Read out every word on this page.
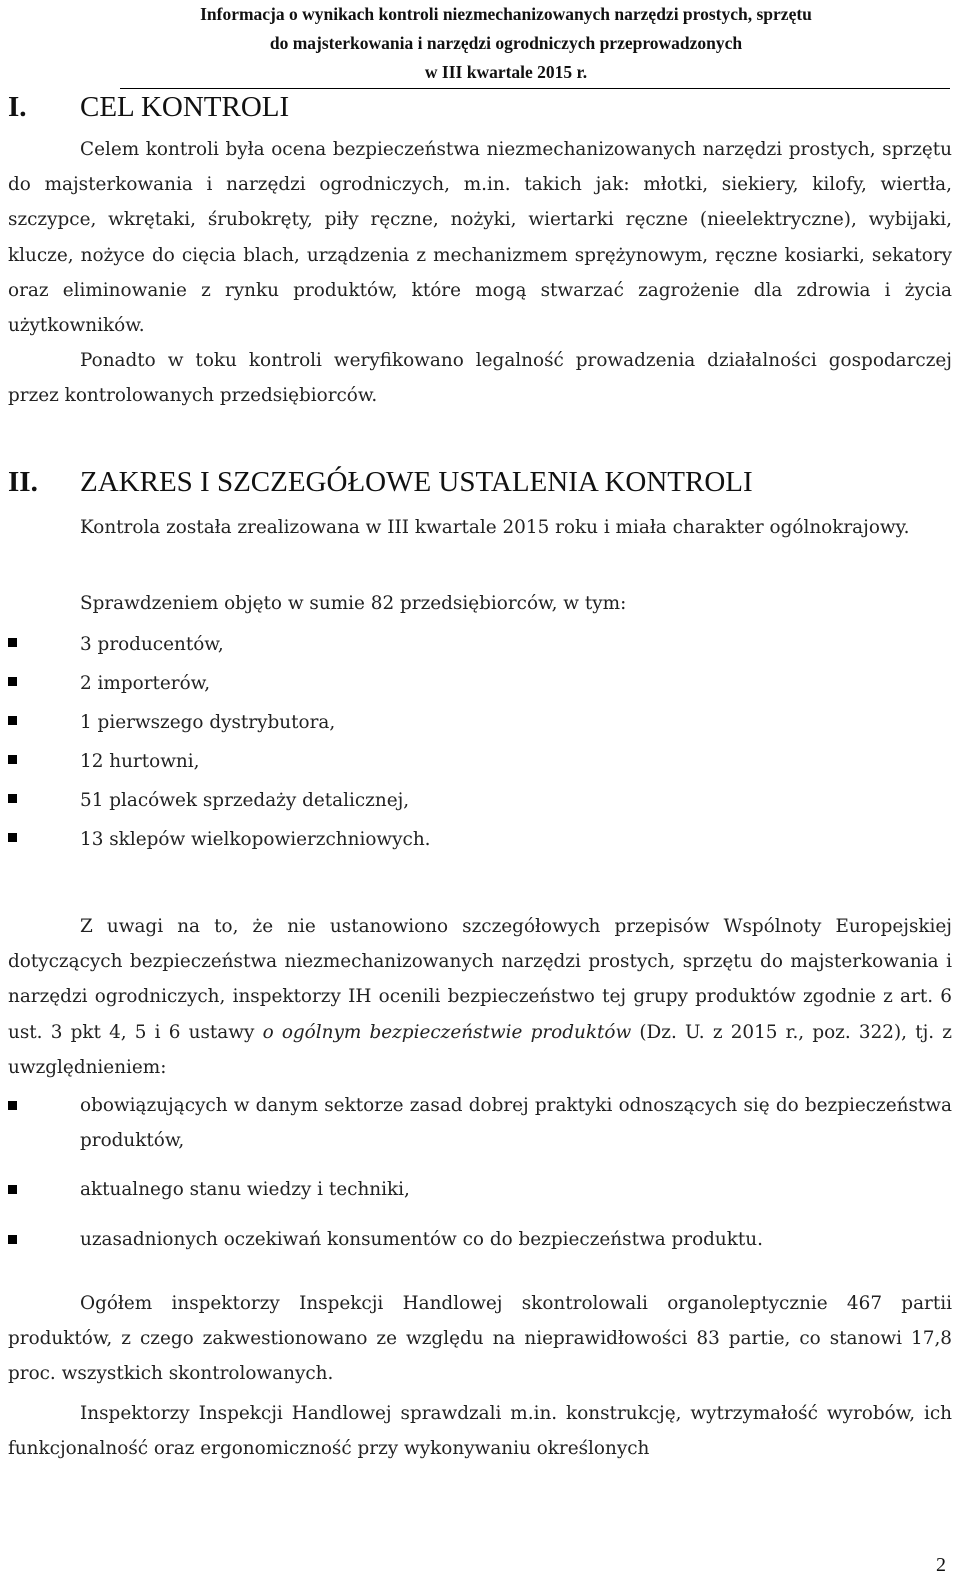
Informacja o wynikach kontroli niezmechanizowanych narzędzi prostych, sprzętu
do majsterkowania i narzędzi ogrodniczych przeprowadzonych
w III kwartale 2015 r.
I. CEL KONTROLI

Celem kontroli była ocena bezpieczeństwa niezmechanizowanych narzędzi prostych, sprzętu do majsterkowania i narzędzi ogrodniczych, m.in. takich jak: młotki, siekiery, kilofy, wiertła, szczypce, wkrętaki, śrubokręty, piły ręczne, nożyki, wiertarki ręczne (nieelektryczne), wybijaki, klucze, nożyce do cięcia blach, urządzenia z mechanizmem sprężynowym, ręczne kosiarki, sekatory oraz eliminowanie z rynku produktów, które mogą stwarzać zagrożenie dla zdrowia i życia użytkowników.

Ponadto w toku kontroli weryfikowano legalność prowadzenia działalności gospodarczej przez kontrolowanych przedsiębiorców.

II. ZAKRES I SZCZEGÓŁOWE USTALENIA KONTROLI

Kontrola została zrealizowana w III kwartale 2015 roku i miała charakter ogólnokrajowy.

Sprawdzeniem objęto w sumie 82 przedsiębiorców, w tym:

3 producentów,
2 importerów,
1 pierwszego dystrybutora,
12 hurtowni,
51 placówek sprzedaży detalicznej,
13 sklepów wielkopowierzchniowych.

Z uwagi na to, że nie ustanowiono szczegółowych przepisów Wspólnoty Europejskiej dotyczących bezpieczeństwa niezmechanizowanych narzędzi prostych, sprzętu do majsterkowania i narzędzi ogrodniczych, inspektorzy IH ocenili bezpieczeństwo tej grupy produktów zgodnie z art. 6 ust. 3 pkt 4, 5 i 6 ustawy o ogólnym bezpieczeństwie produktów (Dz. U. z 2015 r., poz. 322), tj. z uwzględnieniem:

obowiązujących w danym sektorze zasad dobrej praktyki odnoszących się do bezpieczeństwa produktów,
aktualnego stanu wiedzy i techniki,
uzasadnionych oczekiwań konsumentów co do bezpieczeństwa produktu.

Ogółem inspektorzy Inspekcji Handlowej skontrolowali organoleptycznie 467 partii produktów, z czego zakwestionowano ze względu na nieprawidłowości 83 partie, co stanowi 17,8 proc. wszystkich skontrolowanych.

Inspektorzy Inspekcji Handlowej sprawdzali m.in. konstrukcję, wytrzymałość wyrobów, ich funkcjonalność oraz ergonomiczność przy wykonywaniu określonych

2
